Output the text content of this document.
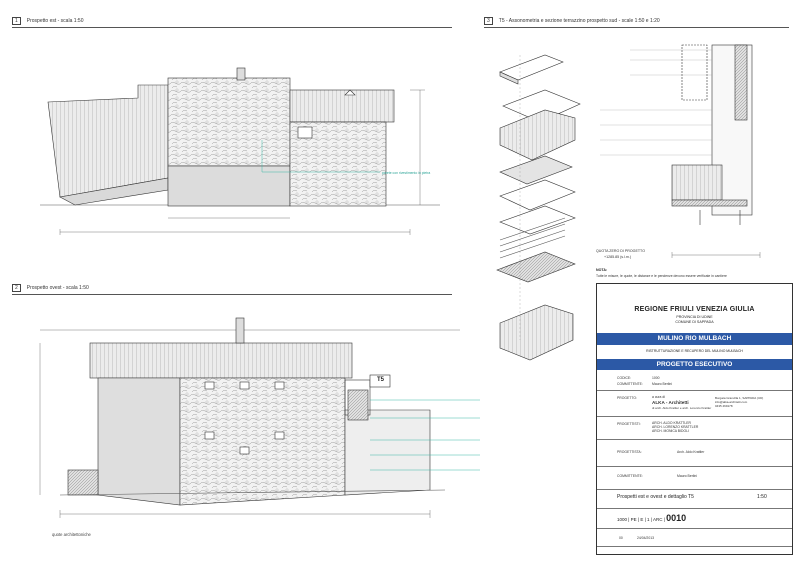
1	Prospetto est - scala 1:50
2	Prospetto ovest - scala 1:50
3	T5 - Assonometria e sezione terrazzino prospetto sud - scale 1:50 e 1:20
parete con rivestimento in pietra
T5
quote architettoniche
QUOTA ZERO DI PROGETTO
+1285.85 (s.l.m.)
NOTA:
Tutte le misure, le quote, le distanze e le pendenze devono essere verificate in cantiere
REGIONE FRIULI VENEZIA GIULIA
PROVINCIA DI UDINE
COMUNE DI SAPPADA
MULINO RIO MULBACH
RISTRUTTURAZIONE E RECUPERO DEL MULINO MULBACH
PROGETTO ESECUTIVO
CODICE:	1000
COMMITTENTE:	Mauro Berlini
PROGETTO:	a cura di
ALKA - Architetti
di arch. Aldo Krattler e arch. Lorenzo Krattler
Borgata Granvilla 1, SAPPADA (UD)
info@alka-architetti.com
0435 469178
PROGETTISTI:	ARCH. ALDO KRATTLER
ARCH. LORENZO KRATTLER
ARCH. MONICA BIDOLI
PROGETTISTA:	Arch. Aldo Krattler
COMMITTENTE:	Mauro Berlini
Prospetti est e ovest e dettaglio T5	1:50
1000 | PE | E | 1 | ARC | 0010
00	24/04/2013
